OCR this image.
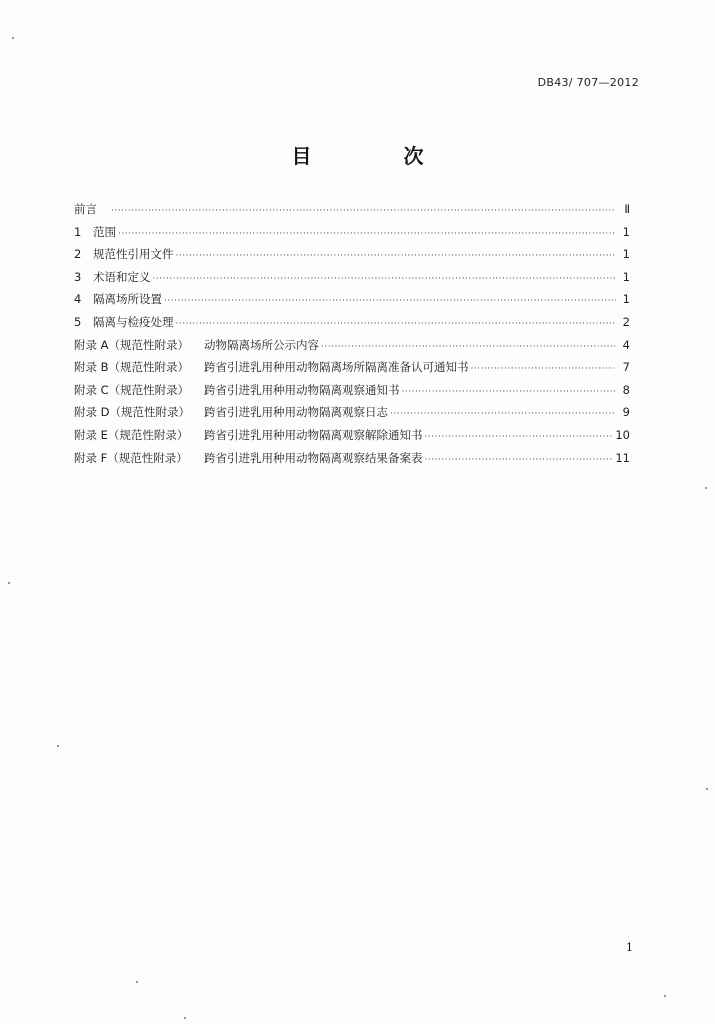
DB43/ 707—2012
目　次
前言 ·····	Ⅱ
1	范围 ·····	1
2	规范性引用文件 ·····	1
3	术语和定义 ·····	1
4	隔离场所设置 ·····	1
5	隔离与检疫处理 ·····	2
附录 A（规范性附录）	动物隔离场所公示内容 ·····	4
附录 B（规范性附录）	跨省引进乳用种用动物隔离场所隔离准备认可通知书 ·····	7
附录 C（规范性附录）	跨省引进乳用种用动物隔离观察通知书 ·····	8
附录 D（规范性附录）	跨省引进乳用种用动物隔离观察日志 ·····	9
附录 E（规范性附录）	跨省引进乳用种用动物隔离观察解除通知书 ·····	10
附录 F（规范性附录）	跨省引进乳用种用动物隔离观察结果备案表 ·····	11
1
